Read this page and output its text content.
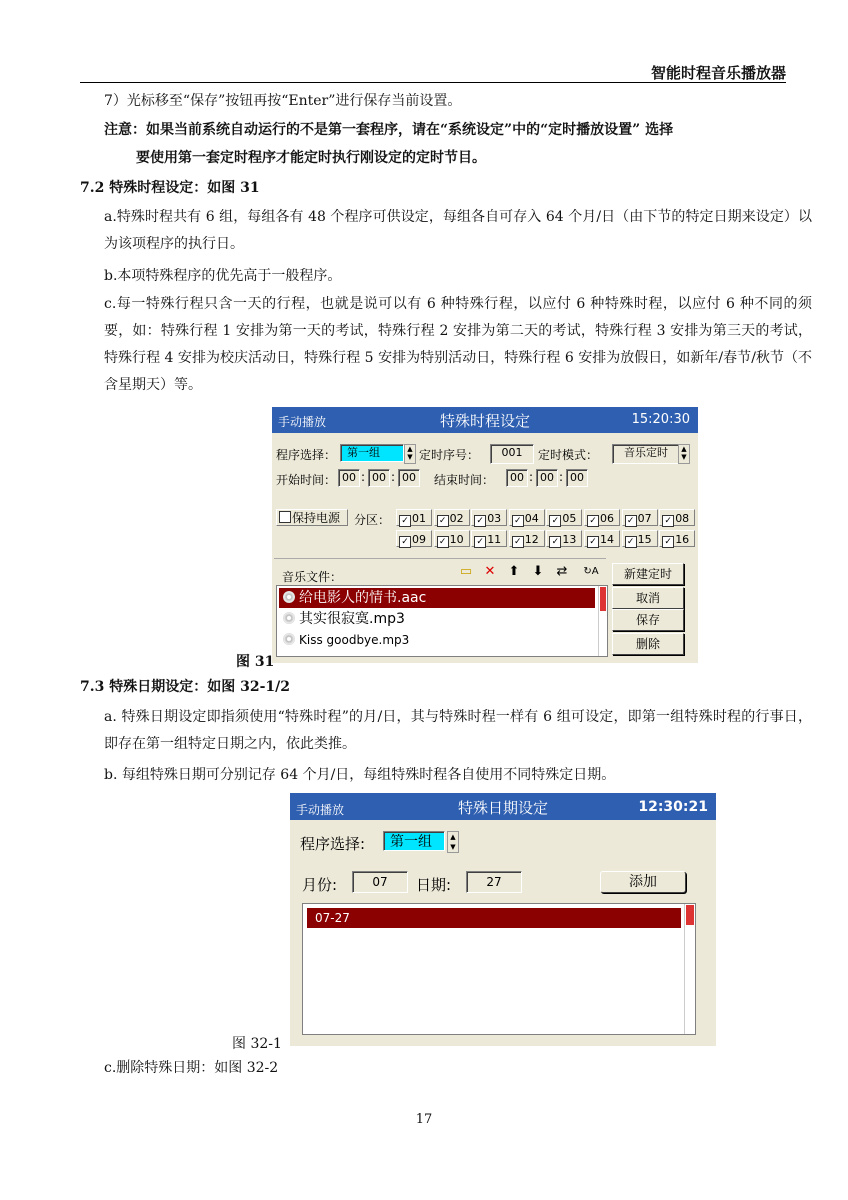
智能时程音乐播放器
7）光标移至“保存”按钮再按“Enter”进行保存当前设置。
注意：如果当前系统自动运行的不是第一套程序，请在“系统设定”中的“定时播放设置” 选择
要使用第一套定时程序才能定时执行刚设定的定时节目。
7.2 特殊时程设定：如图 31
a.特殊时程共有 6 组，每组各有 48 个程序可供设定，每组各自可存入 64 个月/日（由下节的特定日期来设定）以为该项程序的执行日。
b.本项特殊程序的优先高于一般程序。
c.每一特殊行程只含一天的行程，也就是说可以有 6 种特殊行程，以应付 6 种特殊时程，以应付 6 种不同的须要，如：特殊行程 1 安排为第一天的考试，特殊行程 2 安排为第二天的考试，特殊行程 3 安排为第三天的考试，特殊行程 4 安排为校庆活动日，特殊行程 5 安排为特别活动日，特殊行程 6 安排为放假日，如新年/春节/秋节（不含星期天）等。
手动播放	特殊时程设定	15:20:30
程序选择： 第一组	▲
▼ 定时序号：	001	定时模式：	音乐定时	▲
▼
开始时间： 00 : 00 : 00	结束时间：	00 : 00 : 00
保持电源	分区：	✓ 01	✓ 02	✓ 03	✓ 04	✓ 05	✓ 06	✓ 07	✓ 08
✓ 09	✓ 10	✓ 11	✓ 12	✓ 13	✓ 14	✓ 15	✓ 16
音乐文件：	▭ ✕	⬆	⬇	⇄	↻A
给电影人的情书.aac
其实很寂寞.mp3
Kiss goodbye.mp3
新建定时
取消
保存
删除
图 31
7.3 特殊日期设定：如图 32-1/2
a. 特殊日期设定即指须使用“特殊时程”的月/日，其与特殊时程一样有 6 组可设定，即第一组特殊时程的行事日，即存在第一组特定日期之内，依此类推。
b. 每组特殊日期可分别记存 64 个月/日，每组特殊时程各自使用不同特殊定日期。
手动播放	特殊日期设定	12:30:21
程序选择:	第一组	▲
▼
月份:	07	日期:	27	添加
07-27
图 32-1
c.删除特殊日期：如图 32-2
17
